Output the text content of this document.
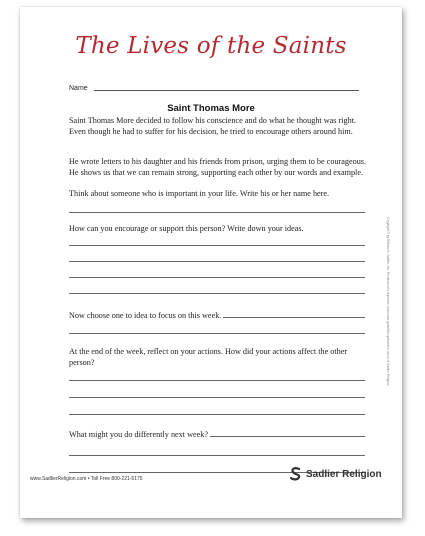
The Lives of the Saints
Name
Saint Thomas More
Saint Thomas More decided to follow his conscience and do what he thought was right. Even though he had to suffer for his decision, he tried to encourage others around him.
He wrote letters to his daughter and his friends from prison, urging them to be courageous. He shows us that we can remain strong, supporting each other by our words and example.
Think about someone who is important in your life. Write his or her name here.
How can you encourage or support this person? Write down your ideas.
Now choose one to idea to focus on this week.
At the end of the week, reflect on your actions. How did your actions affect the other person?
What might you do differently next week?
Copyright © by William H. Sadlier, Inc. Permission to duplicate classroom quantities granted to users of Sadlier Religion.
www.SadlierReligion.com • Toll Free 800-221-5175	Sadlier Religion
